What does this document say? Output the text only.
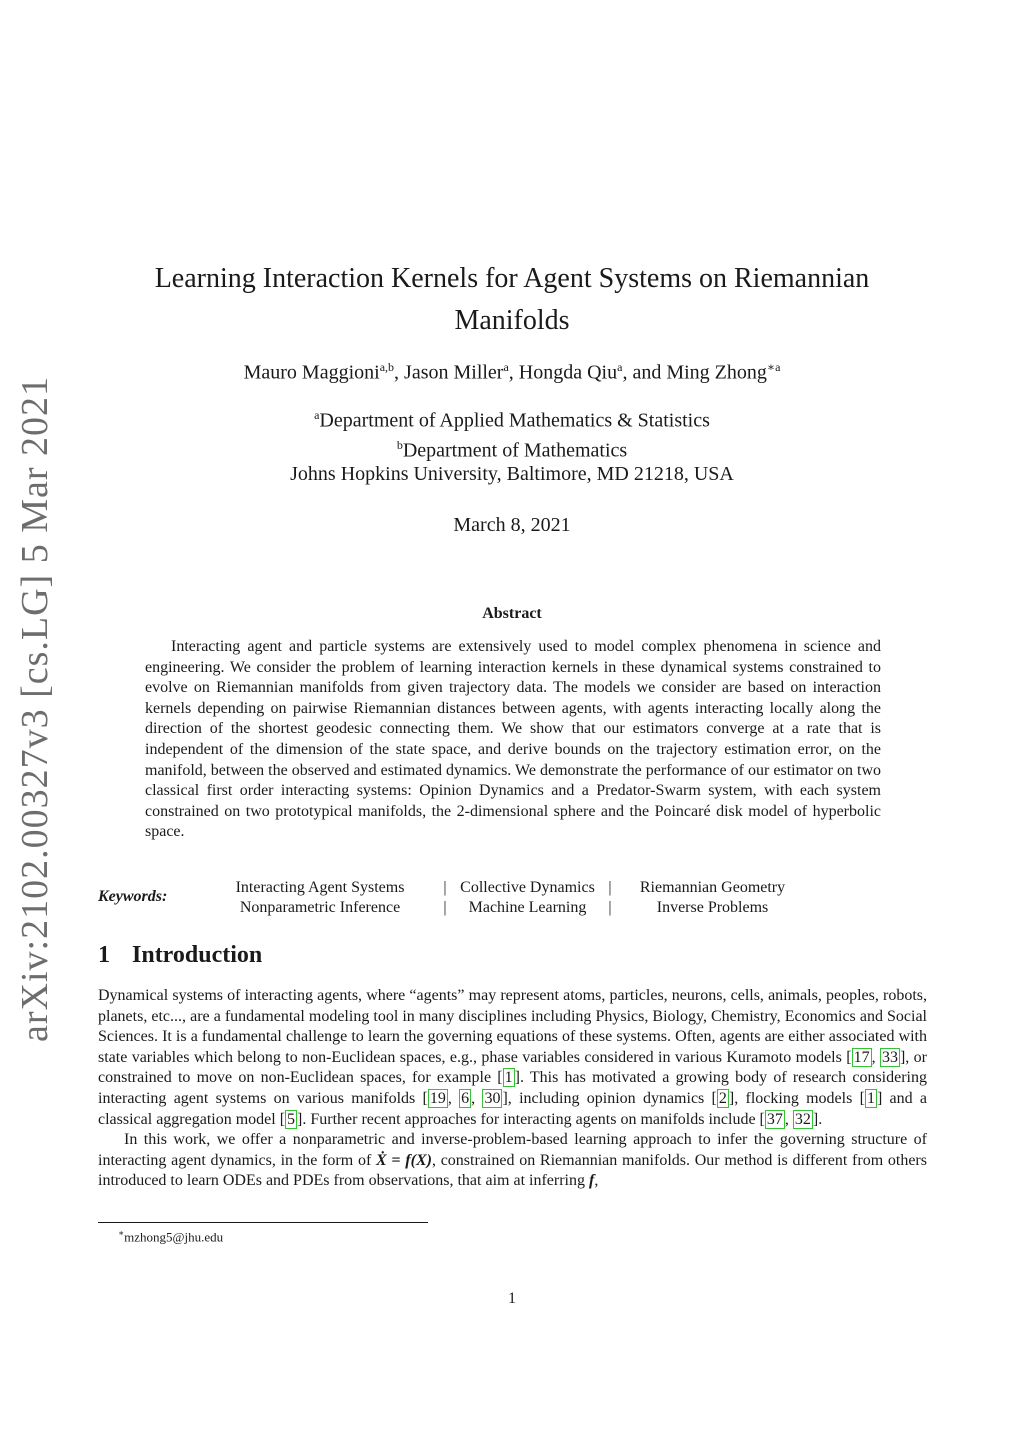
arXiv:2102.00327v3 [cs.LG] 5 Mar 2021
Learning Interaction Kernels for Agent Systems on Riemannian
Manifolds
Mauro Maggioni$^{a,b}$, Jason Miller$^a$, Hongda Qiu$^a$, and Ming Zhong$^{∗a}$
$^a$Department of Applied Mathematics & Statistics
$^b$Department of Mathematics
Johns Hopkins University, Baltimore, MD 21218, USA
March 8, 2021
Abstract
Interacting agent and particle systems are extensively used to model complex phenomena in science and engineering. We consider the problem of learning interaction kernels in these dynamical systems constrained to evolve on Riemannian manifolds from given trajectory data. The models we consider are based on interaction kernels depending on pairwise Riemannian distances between agents, with agents interacting locally along the direction of the shortest geodesic connecting them. We show that our estimators converge at a rate that is independent of the dimension of the state space, and derive bounds on the trajectory estimation error, on the manifold, between the observed and estimated dynamics. We demonstrate the performance of our estimator on two classical first order interacting systems: Opinion Dynamics and a Predator-Swarm system, with each system constrained on two prototypical manifolds, the 2-dimensional sphere and the Poincaré disk model of hyperbolic space.
Keywords:
Interacting Agent Systems	| Collective Dynamics |	Riemannian Geometry
Nonparametric Inference	|	Machine Learning	|	Inverse Problems
1 Introduction

Dynamical systems of interacting agents, where “agents” may represent atoms, particles, neurons, cells, animals, peoples, robots, planets, etc..., are a fundamental modeling tool in many disciplines including Physics, Biology, Chemistry, Economics and Social Sciences. It is a fundamental challenge to learn the governing equations of these systems. Often, agents are either associated with state variables which belong to non-Euclidean spaces, e.g., phase variables considered in various Kuramoto models [ 17 , 33 ], or constrained to move on non-Euclidean spaces, for example [ 1 ]. This has motivated a growing body of research considering interacting agent systems on various manifolds [ 19 , 6 , 30 ], including opinion dynamics [ 2 ], flocking models [ 1 ] and a classical aggregation model [ 5 ]. Further recent approaches for interacting agents on manifolds include [ 37 , 32 ].

In this work, we offer a nonparametric and inverse-problem-based learning approach to infer the governing structure of interacting agent dynamics, in the form of Ẋ = f(X), constrained on Riemannian manifolds. Our method is different from others introduced to learn ODEs and PDEs from observations, that aim at inferring f,

∗mzhong5@jhu.edu
1
